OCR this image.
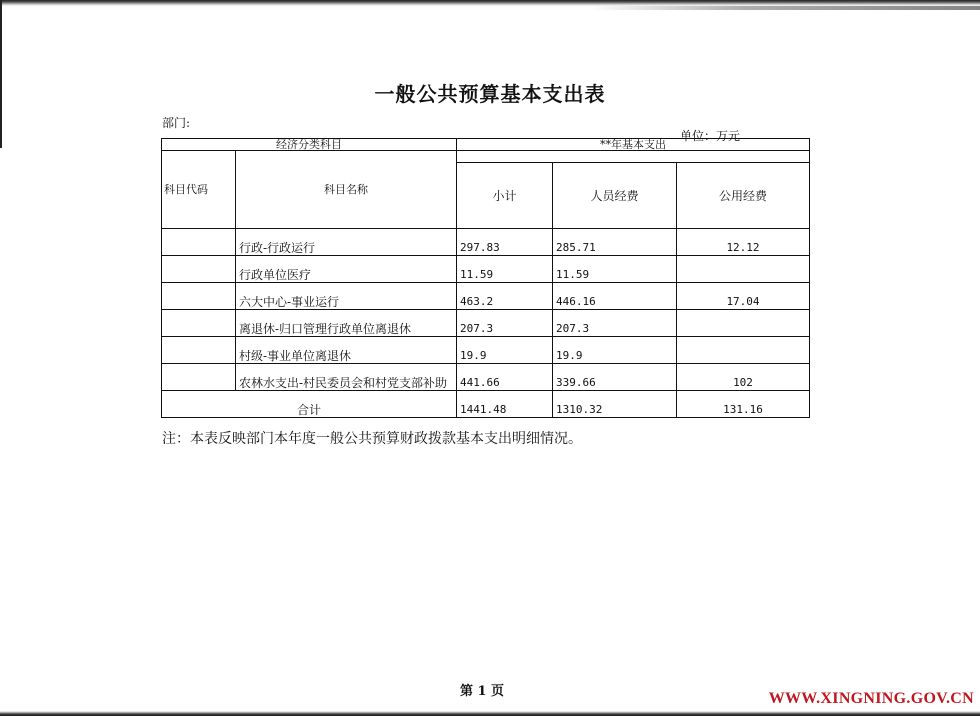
一般公共预算基本支出表
部门:
单位：万元
经济分类科目		**年基本支出		
科目代码	科目名称			
		小计	人员经费	公用经费
	行政-行政运行	297.83	285.71	12.12
	行政单位医疗	11.59	11.59	
	六大中心-事业运行	463.2	446.16	17.04
	离退休-归口管理行政单位离退休	207.3	207.3	
	村级-事业单位离退休	19.9	19.9	
	农林水支出-村民委员会和村党支部补助	441.66	339.66	102
合计		1441.48	1310.32	131.16
注：本表反映部门本年度一般公共预算财政拨款基本支出明细情况。
第 1 页	WWW.XINGNING.GOV.CN
